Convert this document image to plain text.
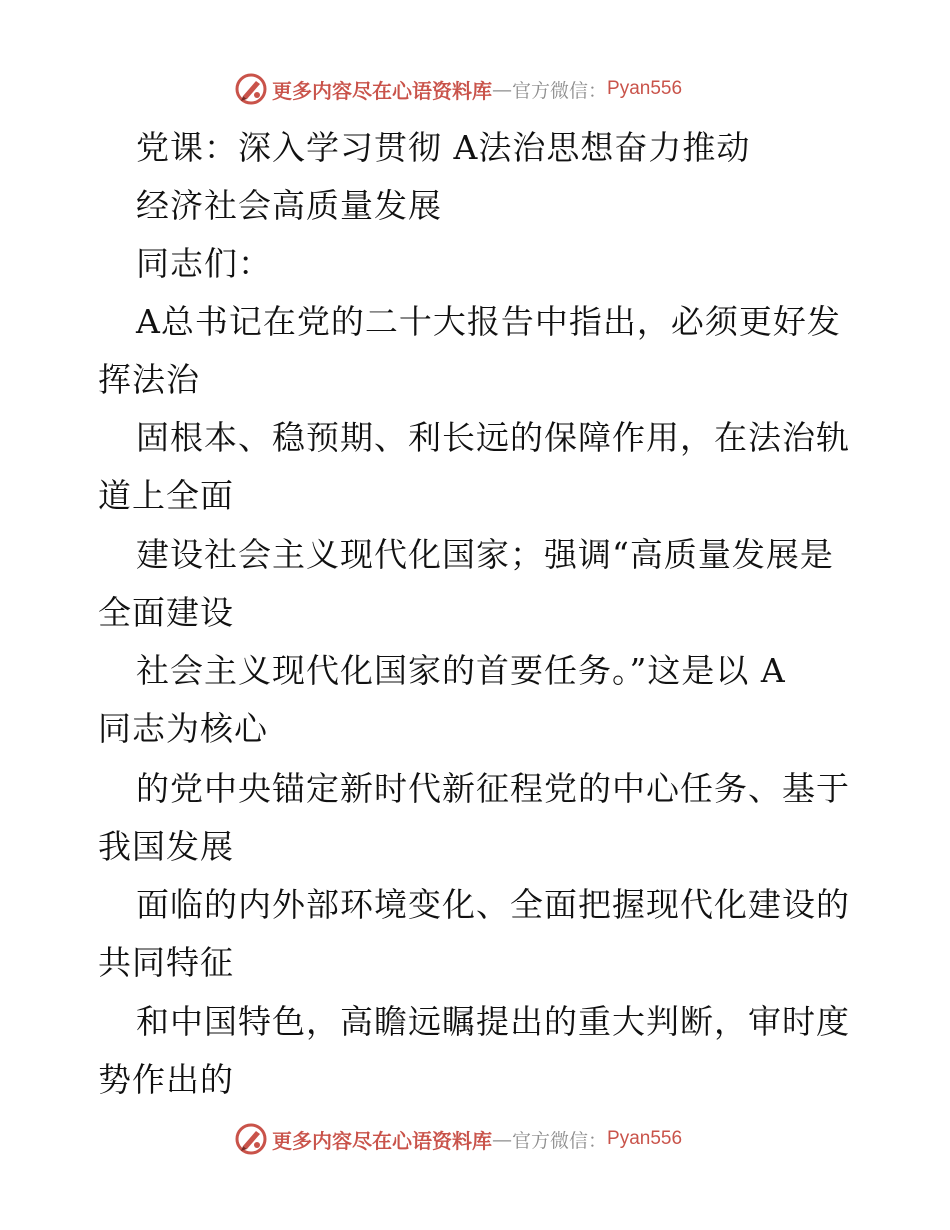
更多内容尽在心语资料库 — 官方微信： Pyan556
党课：深入学习贯彻 A法治思想奋力推动
经济社会高质量发展
同志们：
A总书记在党的二十大报告中指出，必须更好发
挥法治
固根本、稳预期、利长远的保障作用，在法治轨
道上全面
建设社会主义现代化国家；强调“高质量发展是
全面建设
社会主义现代化国家的首要任务。”这是以 A
同志为核心
的党中央锚定新时代新征程党的中心任务、基于
我国发展
面临的内外部环境变化、全面把握现代化建设的
共同特征
和中国特色，高瞻远瞩提出的重大判断，审时度
势作出的
更多内容尽在心语资料库 — 官方微信： Pyan556
